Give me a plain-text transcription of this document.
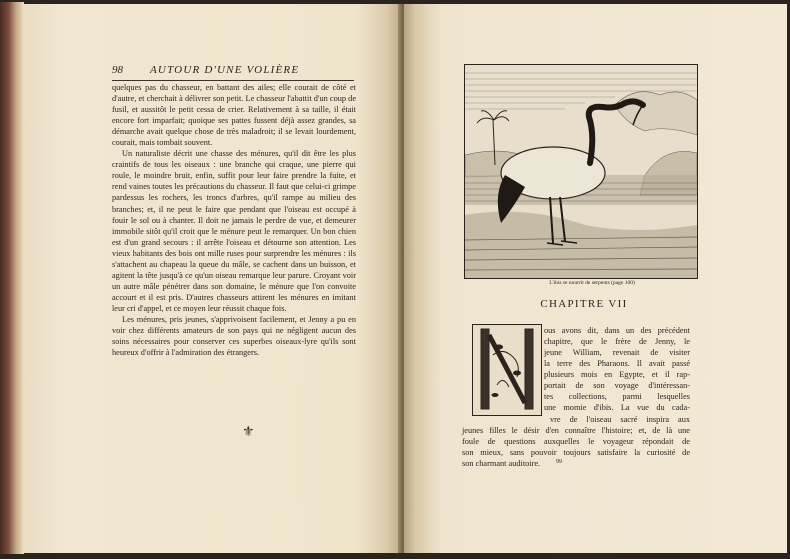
98 AUTOUR D'UNE VOLIÈRE

quelques pas du chasseur, en battant des ailes; elle courait de côté et d'autre, et cherchait à délivrer son petit. Le chasseur l'abattit d'un coup de fusil, et aussitôt le petit cessa de crier. Relativement à sa taille, il était encore fort imparfait; quoique ses pattes fussent déjà assez grandes, sa démarche avait quelque chose de très maladroit; il se levait lourdement, courait, mais tombait souvent.

Un naturaliste décrit une chasse des ménures, qu'il dit être les plus craintifs de tous les oiseaux : une branche qui craque, une pierre qui roule, le moindre bruit, enfin, suffit pour leur faire prendre la fuite, et rend vaines toutes les précautions du chasseur. Il faut que celui-ci grimpe pardessus les rochers, les troncs d'arbres, qu'il rampe au milieu des branches; et, il ne peut le faire que pendant que l'oiseau est occupé à fouir le sol ou à chanter. Il doit ne jamais le perdre de vue, et demeurer immobile sitôt qu'il croit que le ménure peut le remarquer. Un bon chien est d'un grand secours : il arrête l'oiseau et détourne son attention. Les vieux habitants des bois ont mille ruses pour surprendre les ménures : ils s'attachent au chapeau la queue du mâle, se cachent dans un buisson, et agitent la tête jusqu'à ce qu'un oiseau remarque leur parure. Croyant voir un autre mâle pénétrer dans son domaine, le ménure que l'on convoite accourt et il est pris. D'autres chasseurs attirent les ménures en imitant leur cri d'appel, et ce moyen leur réussit chaque fois.

Les ménures, pris jeunes, s'apprivoisent facilement, et Jenny a pu en voir chez différents amateurs de son pays qui ne négligent aucun des soins nécessaires pour conserver ces superbes oiseaux-lyre qu'ils sont heureux d'offrir à l'admiration des étrangers.

⚜
L'ibis se nourrit de serpents (page 100)
CHAPITRE VII
ous avons dit, dans un des précédent
chapitre, que le frère de Jenny, le
jeune William, revenait de visiter
la terre des Pharaons. Il avait passé
plusieurs mois en Egypte, et il rap-
portait de son voyage d'intéressan-
tes collections, parmi lesquelles
une momie d'ibis. La vue du cada-
vre de l'oiseau sacré inspira aux
jeunes filles le désir d'en connaître l'histoire; et, de là une
foule de questions auxquelles le voyageur répondait de
son mieux, sans pouvoir toujours satisfaire la curiosité de
son charmant auditoire.	99
